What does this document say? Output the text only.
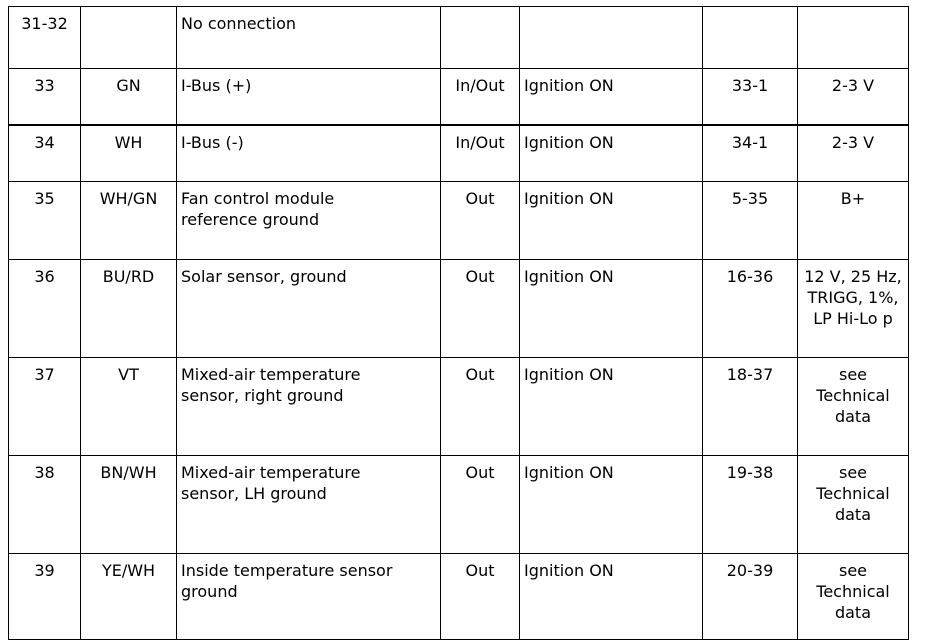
31-32		No connection				
33	GN	I-Bus (+)	In/Out	Ignition ON	33-1	2-3 V
34	WH	I-Bus (-)	In/Out	Ignition ON	34-1	2-3 V
35	WH/GN	Fan control module
reference ground	Out	Ignition ON	5-35	B+
36	BU/RD	Solar sensor, ground	Out	Ignition ON	16-36	12 V, 25 Hz,
TRIGG, 1%,
LP Hi-Lo p
37	VT	Mixed-air temperature
sensor, right ground	Out	Ignition ON	18-37	see
Technical
data
38	BN/WH	Mixed-air temperature
sensor, LH ground	Out	Ignition ON	19-38	see
Technical
data
39	YE/WH	Inside temperature sensor
ground	Out	Ignition ON	20-39	see
Technical
data
